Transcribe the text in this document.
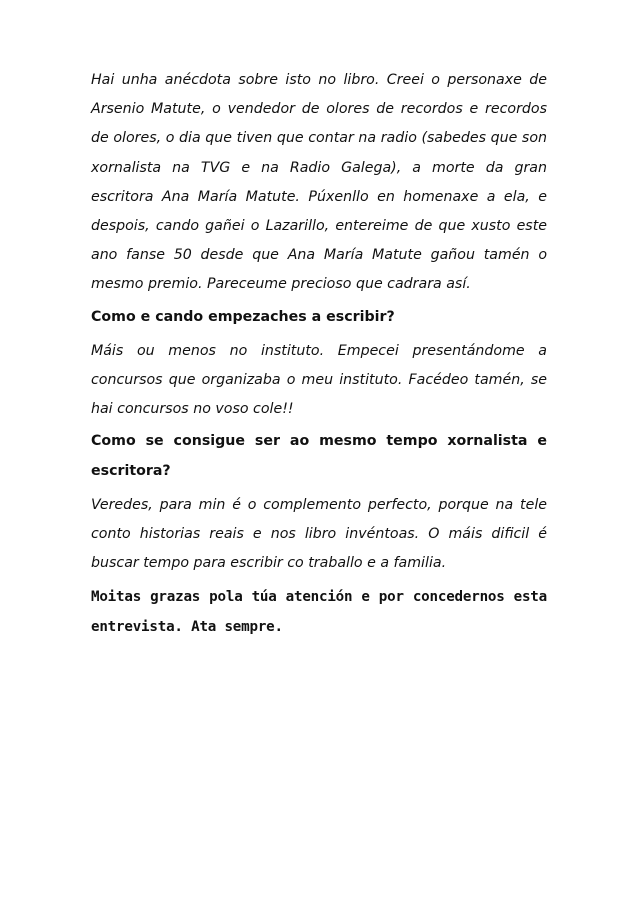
Hai unha anécdota sobre isto no libro. Creei o personaxe de Arsenio Matute, o vendedor de olores de recordos e recordos de olores, o dia que tiven que contar na radio (sabedes que son xornalista na TVG e na Radio Galega), a morte da gran escritora Ana María Matute. Púxenllo en homenaxe a ela, e despois, cando gañei o Lazarillo, entereime de que xusto este ano fanse 50 desde que Ana María Matute gañou tamén o mesmo premio. Pareceume precioso que cadrara así.

Como e cando empezaches a escribir?

Máis ou menos no instituto. Empecei presentándome a concursos que organizaba o meu instituto. Facédeo tamén, se hai concursos no voso cole!!

Como se consigue ser ao mesmo tempo xornalista e escritora?

Veredes, para min é o complemento perfecto, porque na tele conto historias reais e nos libro invéntoas. O máis dificil é buscar tempo para escribir co traballo e a familia.

Moitas grazas pola túa atención e por concedernos esta entrevista. Ata sempre.
